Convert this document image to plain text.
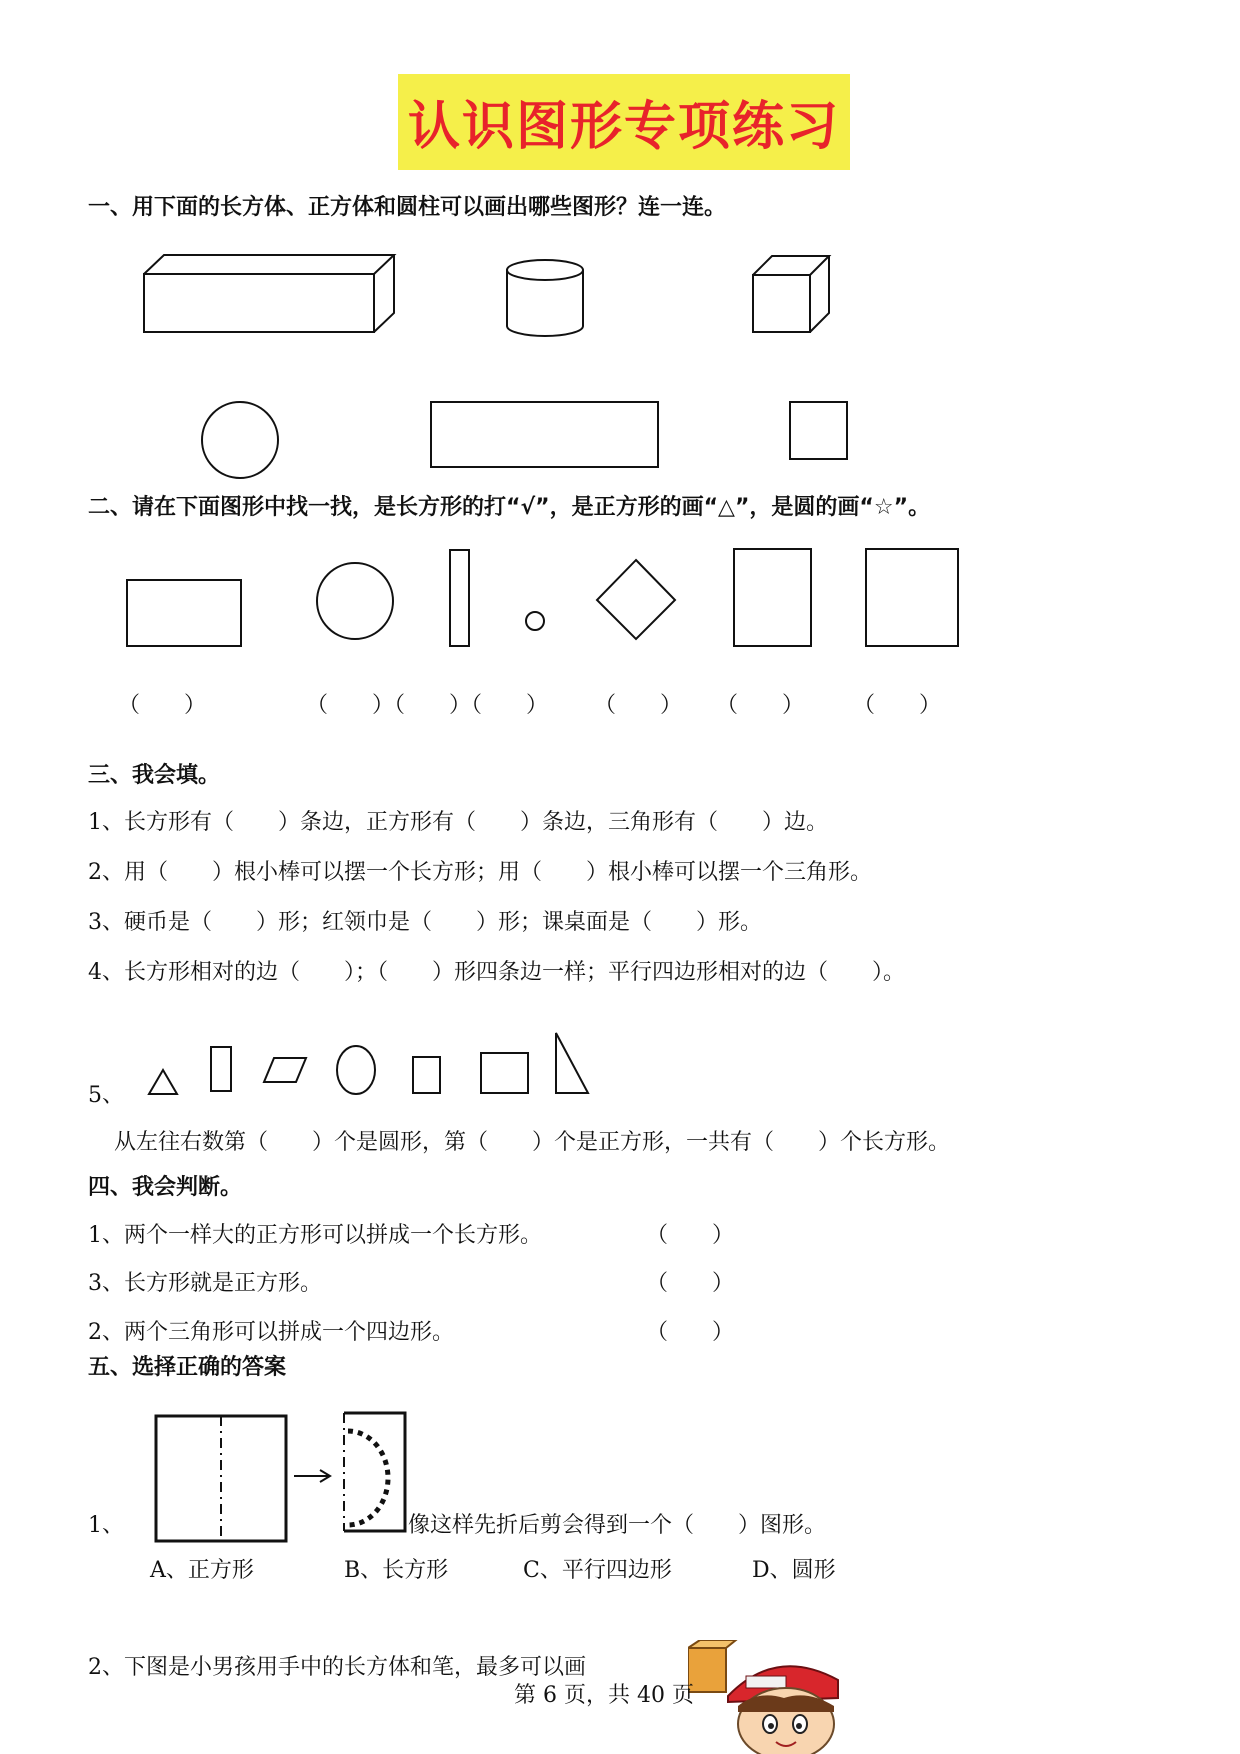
认识图形专项练习
一、用下面的长方体、正方体和圆柱可以画出哪些图形？连一连。
二、请在下面图形中找一找，是长方形的打“√”，是正方形的画“△”，是圆的画“☆”。
（　　）	（　　）（　　）（　　） （　　） （　　） （　　）
三、我会填。
1、长方形有（　　）条边，正方形有（　　）条边，三角形有（　　）边。
2、用（　　）根小棒可以摆一个长方形；用（　　）根小棒可以摆一个三角形。
3、硬币是（　　）形；红领巾是（　　）形；课桌面是（　　）形。
4、长方形相对的边（　　）；（　　）形四条边一样；平行四边形相对的边（　　）。
5、
从左往右数第（　　）个是圆形，第（　　）个是正方形，一共有（　　）个长方形。
四、我会判断。
1、两个一样大的正方形可以拼成一个长方形。	（　　）
3、长方形就是正方形。	（　　）
2、两个三角形可以拼成一个四边形。	（　　）
五、选择正确的答案
1、	像这样先折后剪会得到一个（　　）图形。
A、正方形	B、长方形	C、平行四边形	D、圆形
2、下图是小男孩用手中的长方体和笔，最多可以画
第 6 页，共 40 页
